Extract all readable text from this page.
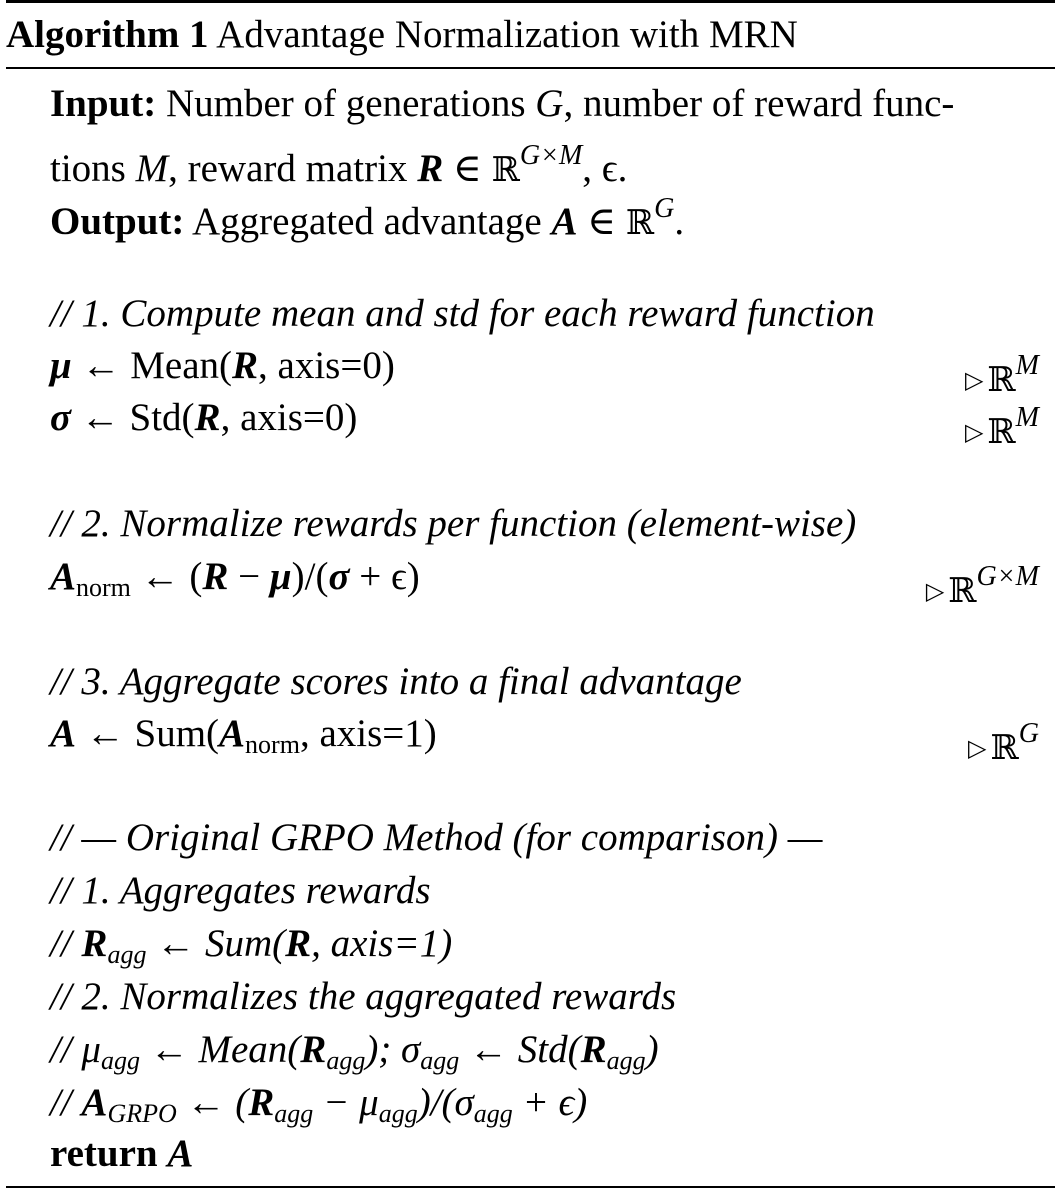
Algorithm 1 Advantage Normalization with MRN
Input: Number of generations G, number of reward func-
tions M, reward matrix R ∈ ℝ$^{G\times M}$, ϵ.
Output: Aggregated advantage A ∈ ℝ$^G$.
// 1. Compute mean and std for each reward function
μ ← Mean(R, axis=0)	▷ ℝ$^M$
σ ← Std(R, axis=0)	▷ ℝ$^M$
// 2. Normalize rewards per function (element-wise)
$A_{norm}$ ← (R − μ)/(σ + ϵ)	▷ ℝ$^{G\times M}$
// 3. Aggregate scores into a final advantage
A ← $Sum(A_{norm}$, axis=1)	▷ ℝ$^G$
// — Original GRPO Method (for comparison) —
// 1. Aggregates rewards
// $R_{agg}$ ← Sum(R, axis=1)
// 2. Normalizes the aggregated rewards
// $\mu_{agg}$ ← $Mean(R_{agg})$; $\sigma_{agg}$ ← $Std(R_{agg})$
// $A_{GRPO}$ ← $(R_{agg} - \mu_{agg})/(\sigma_{agg} + \epsilon)$
return A
